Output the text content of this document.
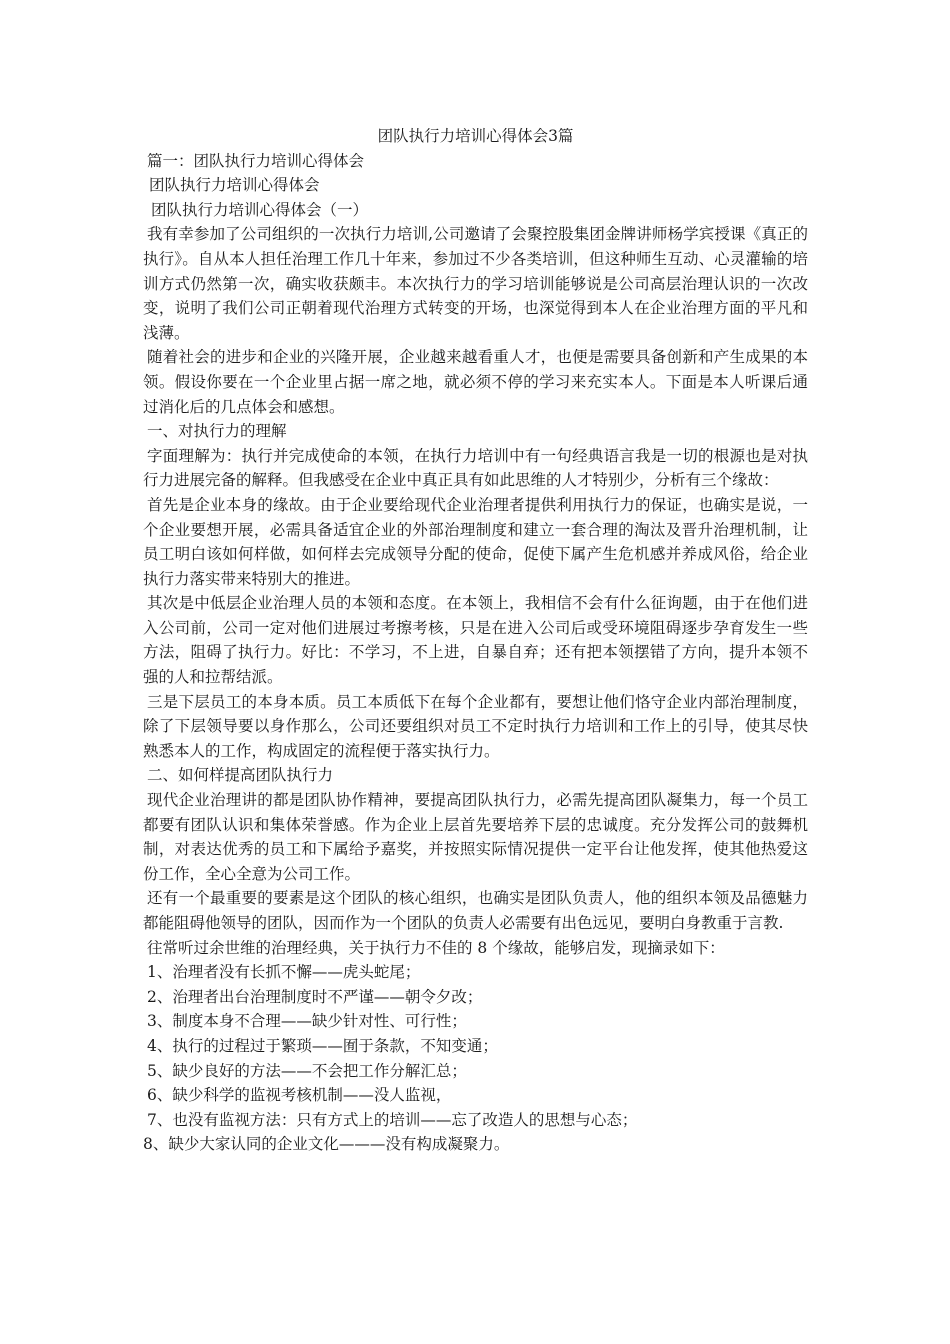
团队执行力培训心得体会3篇

篇一：团队执行力培训心得体会

团队执行力培训心得体会

团队执行力培训心得体会（一）

我有幸参加了公司组织的一次执行力培训,公司邀请了会聚控股集团金牌讲师杨学宾授课《真正的执行》。自从本人担任治理工作几十年来，参加过不少各类培训，但这种师生互动、心灵灌输的培训方式仍然第一次，确实收获颇丰。本次执行力的学习培训能够说是公司高层治理认识的一次改变，说明了我们公司正朝着现代治理方式转变的开场，也深觉得到本人在企业治理方面的平凡和浅薄。

随着社会的进步和企业的兴隆开展，企业越来越看重人才，也便是需要具备创新和产生成果的本领。假设你要在一个企业里占据一席之地，就必须不停的学习来充实本人。下面是本人听课后通过消化后的几点体会和感想。

一、对执行力的理解

字面理解为：执行并完成使命的本领，在执行力培训中有一句经典语言我是一切的根源也是对执行力进展完备的解释。但我感受在企业中真正具有如此思维的人才特别少，分析有三个缘故：

首先是企业本身的缘故。由于企业要给现代企业治理者提供利用执行力的保证，也确实是说，一个企业要想开展，必需具备适宜企业的外部治理制度和建立一套合理的淘汰及晋升治理机制，让员工明白该如何样做，如何样去完成领导分配的使命，促使下属产生危机感并养成风俗，给企业执行力落实带来特别大的推进。

其次是中低层企业治理人员的本领和态度。在本领上，我相信不会有什么征询题，由于在他们进入公司前，公司一定对他们进展过考擦考核，只是在进入公司后或受环境阻碍逐步孕育发生一些方法，阻碍了执行力。好比：不学习，不上进，自暴自弃；还有把本领摆错了方向，提升本领不强的人和拉帮结派。

三是下层员工的本身本质。员工本质低下在每个企业都有，要想让他们恪守企业内部治理制度，除了下层领导要以身作那么，公司还要组织对员工不定时执行力培训和工作上的引导，使其尽快熟悉本人的工作，构成固定的流程便于落实执行力。

二、如何样提高团队执行力

现代企业治理讲的都是团队协作精神，要提高团队执行力，必需先提高团队凝集力，每一个员工都要有团队认识和集体荣誉感。作为企业上层首先要培养下层的忠诚度。充分发挥公司的鼓舞机制，对表达优秀的员工和下属给予嘉奖，并按照实际情况提供一定平台让他发挥，使其他热爱这份工作，全心全意为公司工作。

还有一个最重要的要素是这个团队的核心组织，也确实是团队负责人，他的组织本领及品德魅力都能阻碍他领导的团队，因而作为一个团队的负责人必需要有出色远见，要明白身教重于言教.

往常听过余世维的治理经典，关于执行力不佳的 8 个缘故，能够启发，现摘录如下：

1、治理者没有长抓不懈——虎头蛇尾；

2、治理者出台治理制度时不严谨——朝令夕改；

3、制度本身不合理——缺少针对性、可行性；

4、执行的过程过于繁琐——囿于条款，不知变通；

5、缺少良好的方法——不会把工作分解汇总；

6、缺少科学的监视考核机制——没人监视，

7、也没有监视方法：只有方式上的培训——忘了改造人的思想与心态；

8、缺少大家认同的企业文化———没有构成凝聚力。
